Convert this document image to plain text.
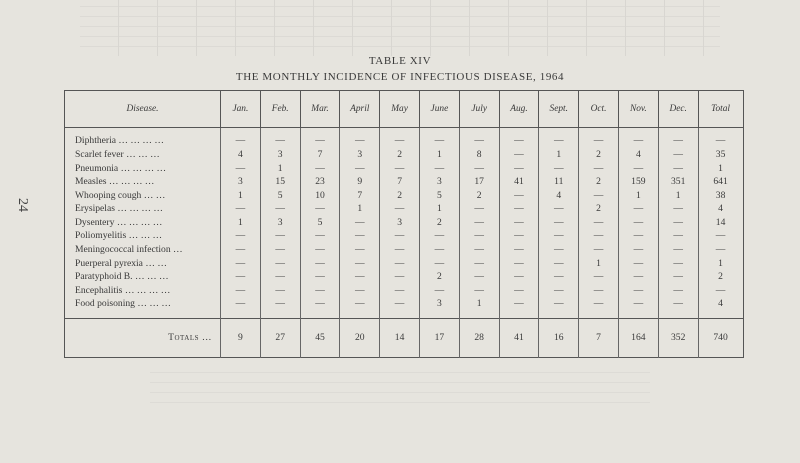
24
TABLE XIV
THE MONTHLY INCIDENCE OF INFECTIOUS DISEASE, 1964
Disease.	Jan.	Feb.	Mar.	April	May	June	July	Aug.	Sept.	Oct.	Nov.	Dec.	Total

Diphtheria … … … …	—	—	—	—	—	—	—	—	—	—	—	—	—
Scarlet fever … … …	4	3	7	3	2	1	8	—	1	2	4	—	35
Pneumonia … … … …	—	1	—	—	—	—	—	—	—	—	—	—	1
Measles … … … …	3	15	23	9	7	3	17	41	11	2	159	351	641
Whooping cough … …	1	5	10	7	2	5	2	—	4	—	1	1	38
Erysipelas … … … …	—	—	—	1	—	1	—	—	—	2	—	—	4
Dysentery … … … …	1	3	5	—	3	2	—	—	—	—	—	—	14
Poliomyelitis … … …	—	—	—	—	—	—	—	—	—	—	—	—	—
Meningococcal infection …	—	—	—	—	—	—	—	—	—	—	—	—	—
Puerperal pyrexia … …	—	—	—	—	—	—	—	—	—	1	—	—	1
Paratyphoid B. … … …	—	—	—	—	—	2	—	—	—	—	—	—	2
Encephalitis … … … …	—	—	—	—	—	—	—	—	—	—	—	—	—
Food poisoning … … …	—	—	—	—	—	3	1	—	—	—	—	—	4

Totals …	9	27	45	20	14	17	28	41	16	7	164	352	740
